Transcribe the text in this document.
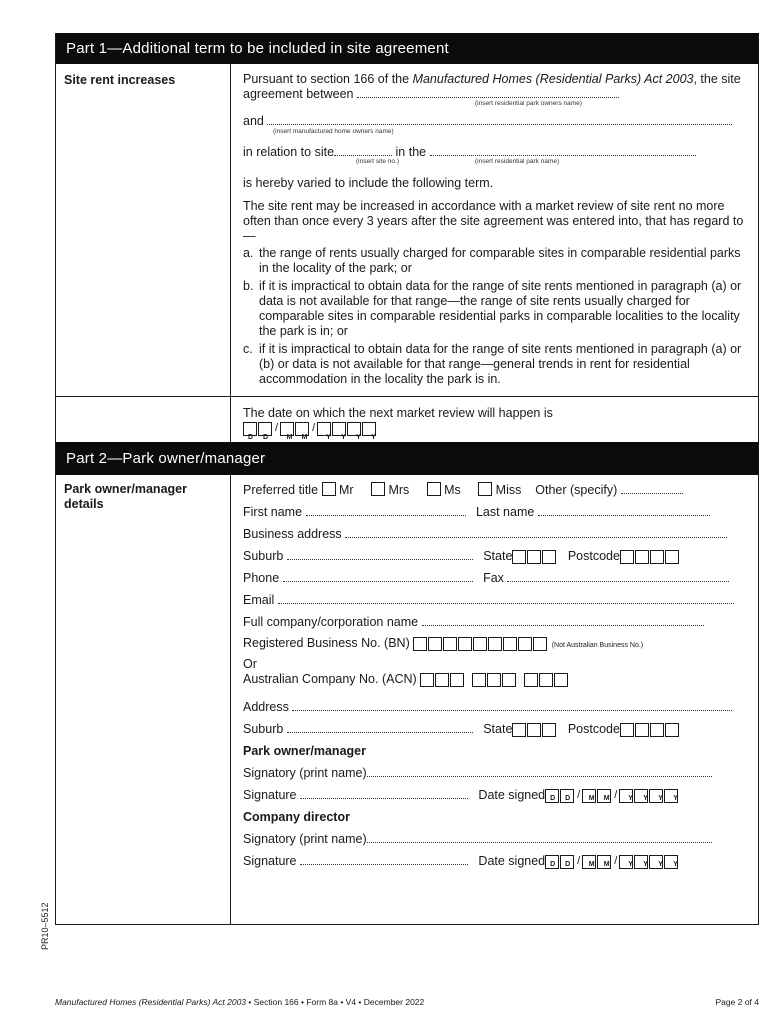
Part 1—Additional term to be included in site agreement
Site rent increases	Pursuant to section 166 of the Manufactured Homes (Residential Parks) Act 2003, the site agreement between
(insert residential park owners name)
and
(insert manufactured home owners name)
in relation to site	in the
(insert site no.)	(insert residential park name)
is hereby varied to include the following term.
The site rent may be increased in accordance with a market review of site rent no more often than once every 3 years after the site agreement was entered into, that has regard to—
a. the range of rents usually charged for comparable sites in comparable residential parks in the locality of the park; or
b. if it is impractical to obtain data for the range of site rents mentioned in paragraph (a) or data is not available for that range—the range of site rents usually charged for comparable sites in comparable residential parks in comparable localities to the locality the park is in; or
c. if it is impractical to obtain data for the range of site rents mentioned in paragraph (a) or (b) or data is not available for that range—general trends in rent for residential accommodation in the locality the park is in.
The date on which the next market review will happen is
/	/
D D	M M	Y Y Y Y
Part 2—Park owner/manager
Park owner/manager details
Preferred title Mr	Mrs	Ms	Miss Other (specify)
First name	Last name
Business address
Suburb	State	Postcode
Phone	Fax
Email
Full company/corporation name
Registered Business No. (BN)	(Not Australian Business No.)
Or
Australian Company No. (ACN)
Address
Suburb	State	Postcode
Park owner/manager
Signatory (print name)
Signature	Date signed	/	/
D D	M M	Y Y Y Y
Company director
Signatory (print name)
Signature	Date signed	/	/
D D	M M	Y Y Y Y
PR10–5512
Manufactured Homes (Residential Parks) Act 2003 • Section 166 • Form 8a • V4 • December 2022	Page 2 of 4
